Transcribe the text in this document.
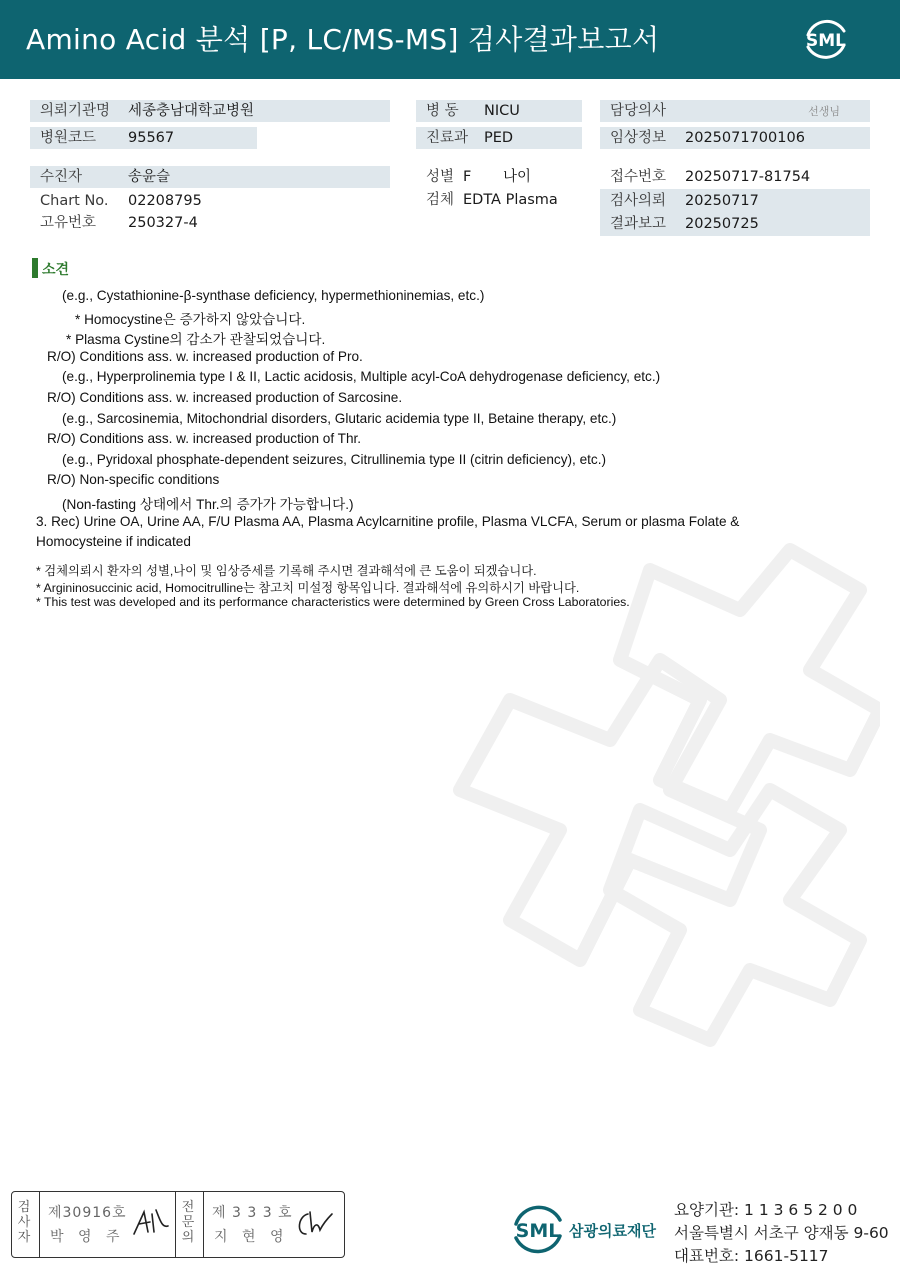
Amino Acid 분석 [P, LC/MS-MS] 검사결과보고서	SML
의뢰기관명 세종충남대학교병원
병원코드 95567
수진자	송윤슬
Chart No. 02208795
고유번호 250327-4
병 동 NICU
진료과 PED
성별 F 나이
검체 EDTA Plasma
담당의사	선생님
임상정보 2025071700106
접수번호 20250717-81754
검사의뢰 20250717
결과보고 20250725
소견
(e.g., Cystathionine-β-synthase deficiency, hypermethioninemias, etc.)
* Homocystine은 증가하지 않았습니다.
* Plasma Cystine의 감소가 관찰되었습니다.
R/O) Conditions ass. w. increased production of Pro.
(e.g., Hyperprolinemia type I & II, Lactic acidosis, Multiple acyl-CoA dehydrogenase deficiency, etc.)
R/O) Conditions ass. w. increased production of Sarcosine.
(e.g., Sarcosinemia, Mitochondrial disorders, Glutaric acidemia type II, Betaine therapy, etc.)
R/O) Conditions ass. w. increased production of Thr.
(e.g., Pyridoxal phosphate-dependent seizures, Citrullinemia type II (citrin deficiency), etc.)
R/O) Non-specific conditions
(Non-fasting 상태에서 Thr.의 증가가 가능합니다.)
3. Rec) Urine OA, Urine AA, F/U Plasma AA, Plasma Acylcarnitine profile, Plasma VLCFA, Serum or plasma Folate &
Homocysteine if indicated
* 검체의뢰시 환자의 성별,나이 및 임상증세를 기록해 주시면 결과해석에 큰 도움이 되겠습니다.
* Argininosuccinic acid, Homocitrulline는 참고치 미설정 항목입니다. 결과해석에 유의하시기 바랍니다.
* This test was developed and its performance characteristics were determined by Green Cross Laboratories.
검
사
자
제30916호
박 영 주
전
문
의
제 3 3 3 호
지 현 영	SML 삼광의료재단
요양기관: 1 1 3 6 5 2 0 0
서울특별시 서초구 양재동 9-60
대표번호: 1661-5117
